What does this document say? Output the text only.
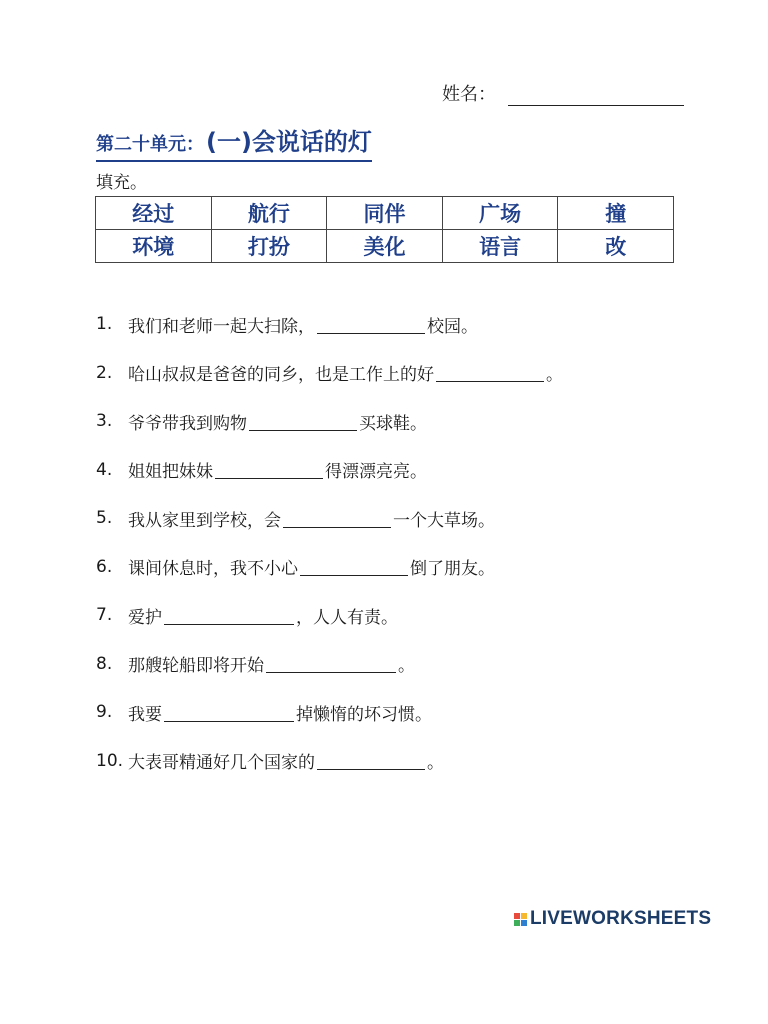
姓名：
第二十单元：(一)会说话的灯
填充。
经过	航行	同伴	广场	撞
环境	打扮	美化	语言	改
1. 我们和老师一起大扫除，	校园。
2. 哈山叔叔是爸爸的同乡，也是工作上的好	。
3. 爷爷带我到购物	买球鞋。
4. 姐姐把妹妹	得漂漂亮亮。
5. 我从家里到学校，会	一个大草场。
6. 课间休息时，我不小心	倒了朋友。
7. 爱护	，人人有责。
8. 那艘轮船即将开始	。
9. 我要	掉懒惰的坏习惯。
10. 大表哥精通好几个国家的	。
LIVEWORKSHEETS
